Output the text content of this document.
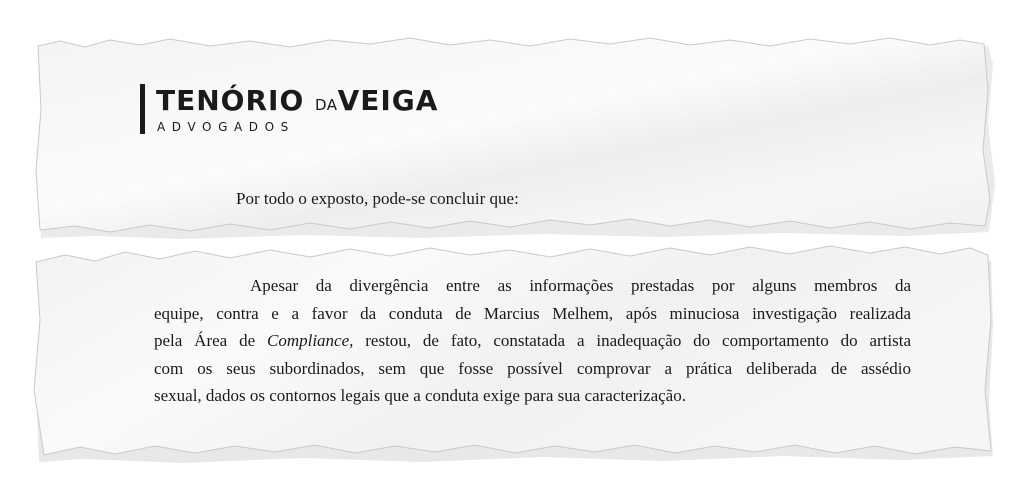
TENÓRIO DAVEIGA
ADVOGADOS
Por todo o exposto, pode-se concluir que:
Apesar da divergência entre as informações prestadas por alguns membros da
equipe, contra e a favor da conduta de Marcius Melhem, após minuciosa investigação realizada
pela Área de Compliance, restou, de fato, constatada a inadequação do comportamento do artista
com os seus subordinados, sem que fosse possível comprovar a prática deliberada de assédio
sexual, dados os contornos legais que a conduta exige para sua caracterização.
